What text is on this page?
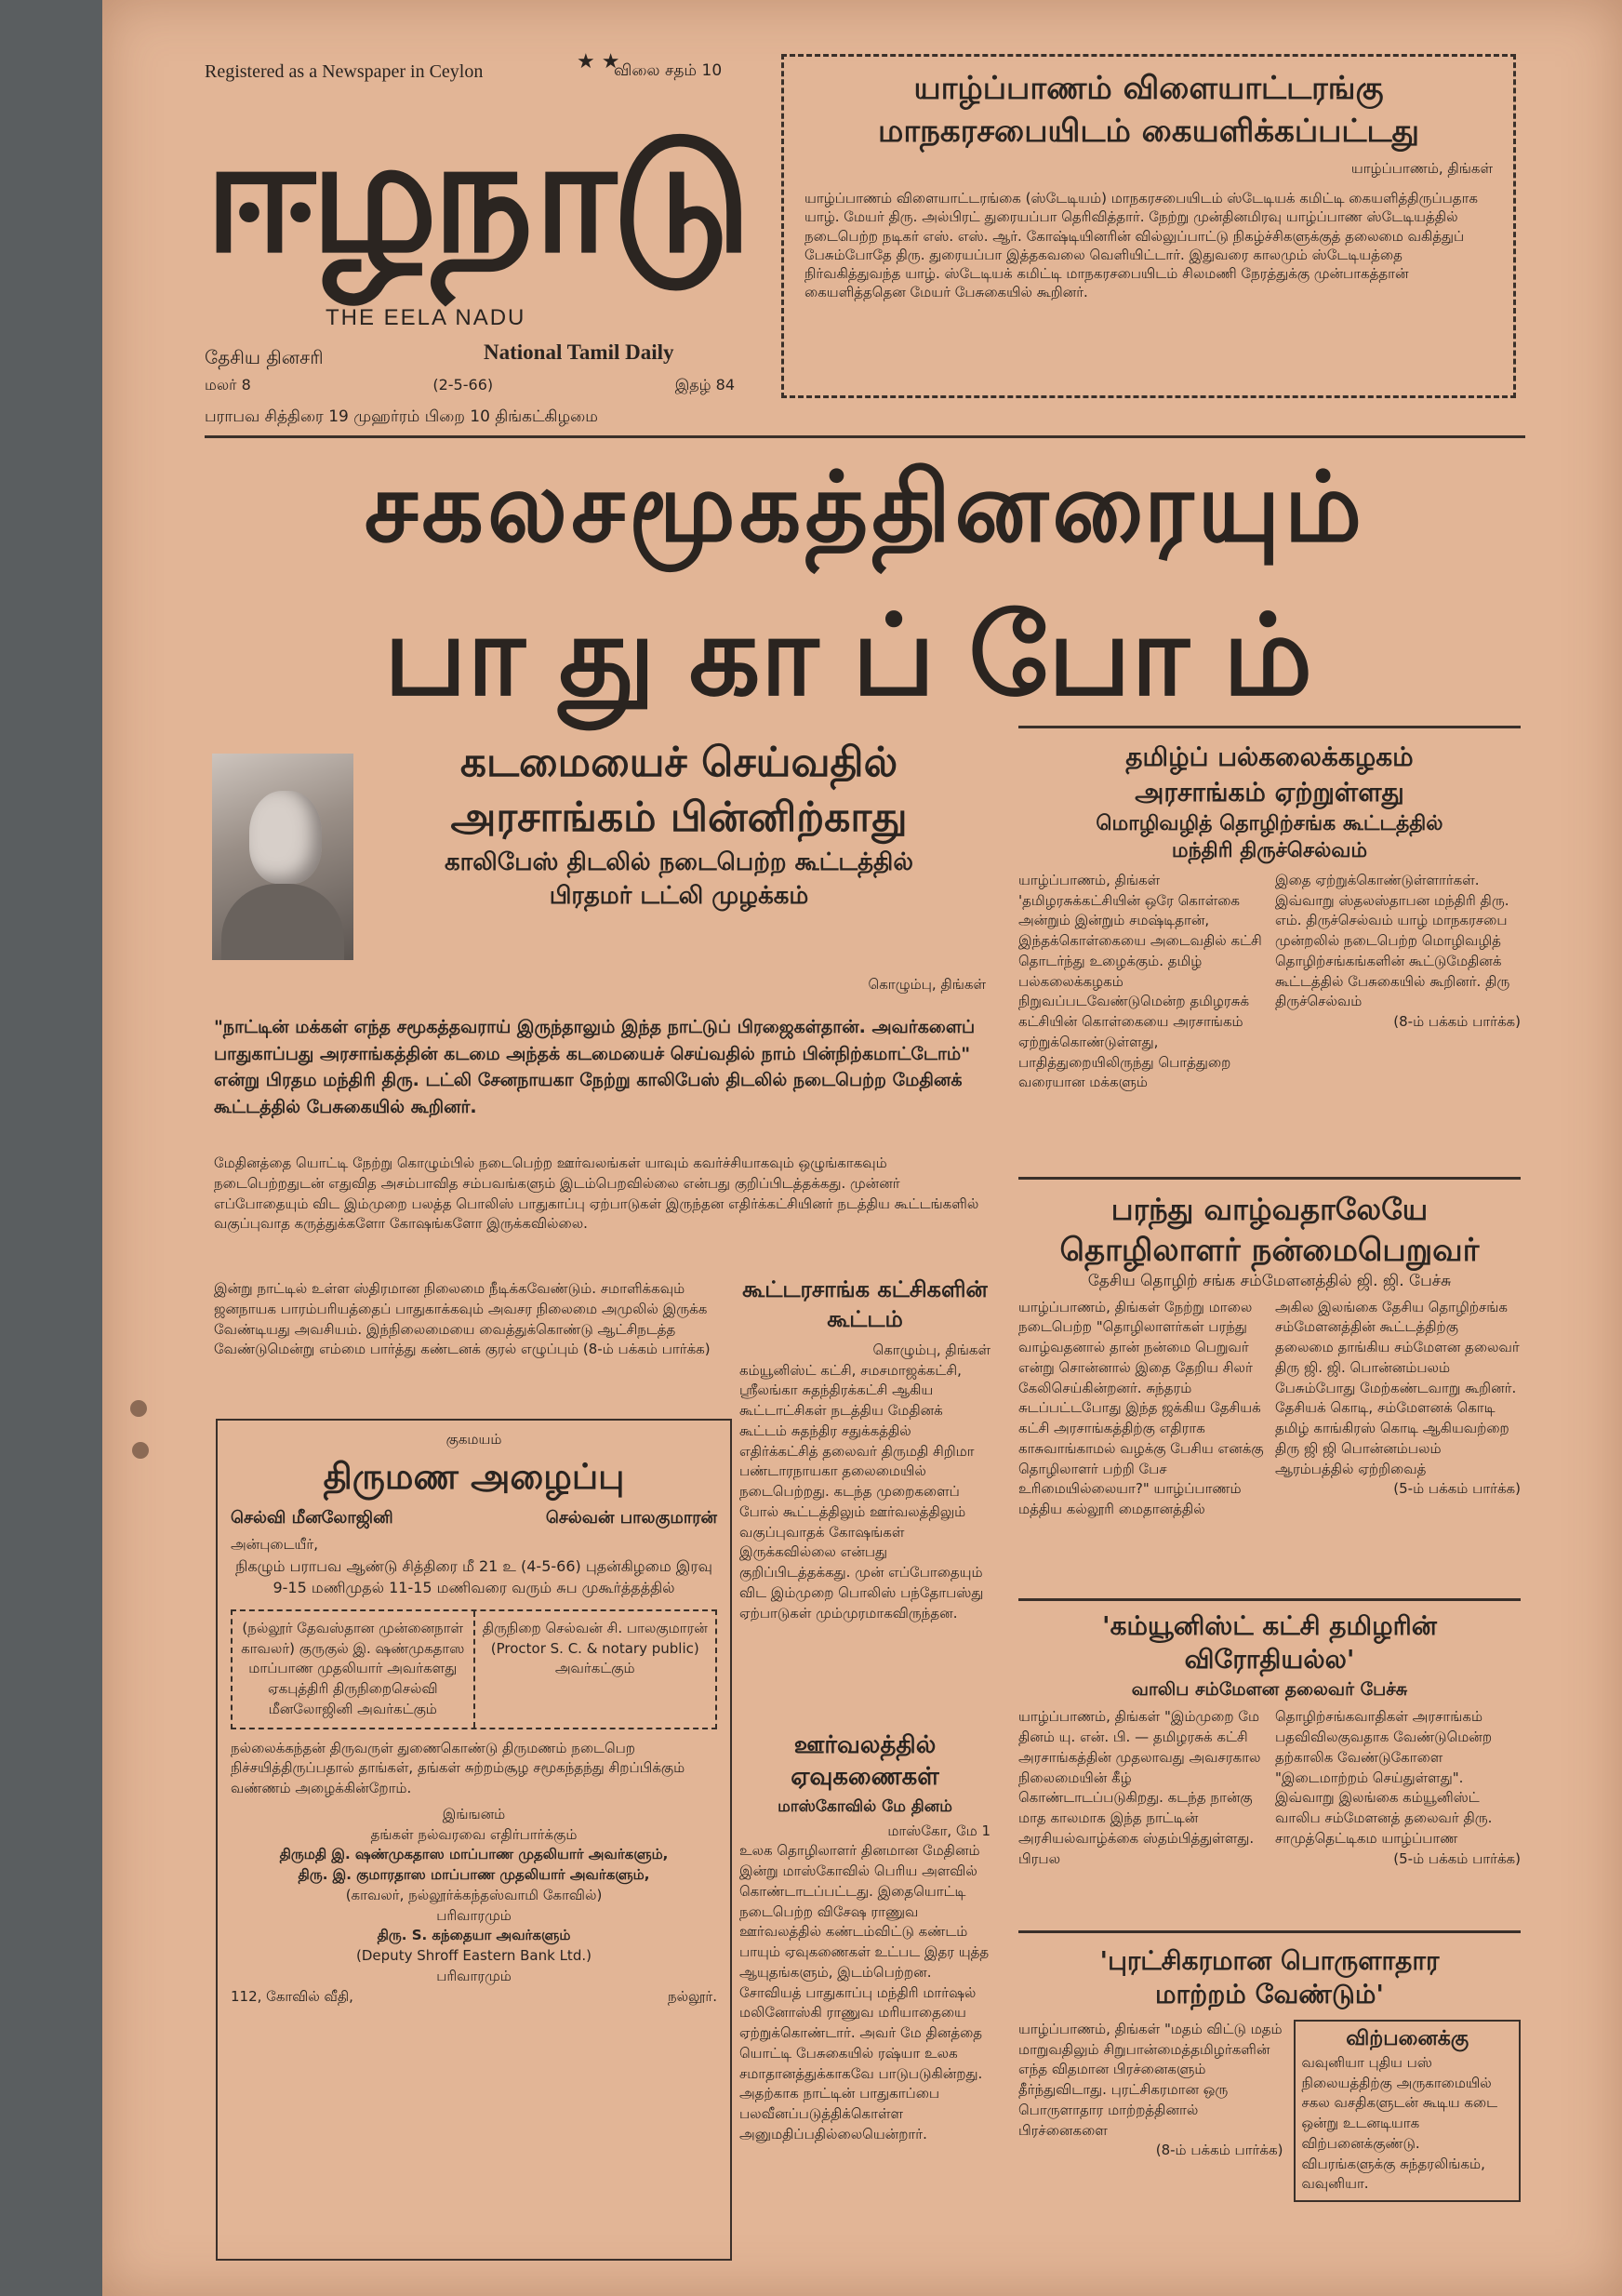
Registered as a Newspaper in Ceylon	★ ★
விலை சதம் 10
ஈழநாடு
THE EELA NADU
தேசிய தினசரி	National Tamil Daily
மலர் 8	(2-5-66)	இதழ் 84
பராபவ சித்திரை 19 முஹர்ரம் பிறை 10 திங்கட்கிழமை
யாழ்ப்பாணம் விளையாட்டரங்கு மாநகரசபையிடம் கையளிக்கப்பட்டது
யாழ்ப்பாணம், திங்கள்
யாழ்ப்பாணம் விளையாட்டரங்கை (ஸ்டேடியம்) மாநகரசபையிடம் ஸ்டேடியக் கமிட்டி கையளித்திருப்பதாக யாழ். மேயர் திரு. அல்பிரட் துரையப்பா தெரிவித்தார். நேற்று முன்தினமிரவு யாழ்ப்பாண ஸ்டேடியத்தில் நடைபெற்ற நடிகர் எஸ். எஸ். ஆர். கோஷ்டியினரின் வில்லுப்பாட்டு நிகழ்ச்சிகளுக்குத் தலைமை வகித்துப் பேசும்போதே திரு. துரையப்பா இத்தகவலை வெளியிட்டார். இதுவரை காலமும் ஸ்டேடியத்தை நிர்வகித்துவந்த யாழ். ஸ்டேடியக் கமிட்டி மாநகரசபையிடம் சிலமணி நேரத்துக்கு முன்பாகத்தான் கையளித்ததென மேயர் பேசுகையில் கூறினர்.
சகலசமூகத்தினரையும்
பாதுகாப்போம்
கடமையைச் செய்வதில்
அரசாங்கம் பின்னிற்காது
காலிபேஸ் திடலில் நடைபெற்ற கூட்டத்தில்
பிரதமர் டட்லி முழக்கம்
கொழும்பு, திங்கள்
"நாட்டின் மக்கள் எந்த சமூகத்தவராய் இருந்தாலும் இந்த நாட்டுப் பிரஜைகள்தான். அவர்களைப் பாதுகாப்பது அரசாங்கத்தின் கடமை அந்தக் கடமையைச் செய்வதில் நாம் பின்நிற்கமாட்டோம்" என்று பிரதம மந்திரி திரு. டட்லி சேனநாயகா நேற்று காலிபேஸ் திடலில் நடைபெற்ற மேதினக் கூட்டத்தில் பேசுகையில் கூறினர்.
மேதினத்தை யொட்டி நேற்று கொழும்பில் நடைபெற்ற ஊர்வலங்கள் யாவும் கவர்ச்சியாகவும் ஒழுங்காகவும் நடைபெற்றதுடன் எதுவித அசம்பாவித சம்பவங்களும் இடம்பெறவில்லை என்பது குறிப்பிடத்தக்கது. முன்னர் எப்போதையும் விட இம்முறை பலத்த பொலிஸ் பாதுகாப்பு ஏற்பாடுகள் இருந்தன எதிர்க்கட்சியினர் நடத்திய கூட்டங்களில் வகுப்புவாத கருத்துக்களோ கோஷங்களோ இருக்கவில்லை.
இன்று நாட்டில் உள்ள ஸ்திரமான நிலைமை நீடிக்கவேண்டும். சமாளிக்கவும் ஜனநாயக பாரம்பரியத்தைப் பாதுகாக்கவும் அவசர நிலைமை அமுலில் இருக்க வேண்டியது அவசியம். இந்நிலைமையை வைத்துக்கொண்டு ஆட்சிநடத்த வேண்டுமென்று எம்மை பார்த்து கண்டனக் குரல் எழுப்பும் (8-ம் பக்கம் பார்க்க)
கூட்டரசாங்க கட்சிகளின் கூட்டம்
கொழும்பு, திங்கள்
கம்யூனிஸ்ட் கட்சி, சமசமாஜக்கட்சி, ஸ்ரீலங்கா சுதந்திரக்கட்சி ஆகிய கூட்டாட்சிகள் நடத்திய மேதினக் கூட்டம் சுதந்திர சதுக்கத்தில் எதிர்க்கட்சித் தலைவர் திருமதி சிறிமா பண்டாரநாயகா தலைமையில் நடைபெற்றது. கடந்த முறைகளைப் போல் கூட்டத்திலும் ஊர்வலத்திலும் வகுப்புவாதக் கோஷங்கள் இருக்கவில்லை என்பது குறிப்பிடத்தக்கது. முன் எப்போதையும் விட இம்முறை பொலிஸ் பந்தோபஸ்து ஏற்பாடுகள் மும்முரமாகவிருந்தன.
ஊர்வலத்தில் ஏவுகணைகள்
மாஸ்கோவில் மே தினம்
மாஸ்கோ, மே 1
உலக தொழிலாளர் தினமான மேதினம் இன்று மாஸ்கோவில் பெரிய அளவில் கொண்டாடப்பட்டது. இதையொட்டி நடைபெற்ற விசேஷ ராணுவ ஊர்வலத்தில் கண்டம்விட்டு கண்டம் பாயும் ஏவுகணைகள் உட்பட இதர யுத்த ஆயுதங்களும், இடம்பெற்றன. சோவியத் பாதுகாப்பு மந்திரி மார்ஷல் மலினோஸ்கி ராணுவ மரியாதையை ஏற்றுக்கொண்டார். அவர் மே தினத்தை யொட்டி பேசுகையில் ரஷ்யா உலக சமாதானத்துக்காகவே பாடுபடுகின்றது. அதற்காக நாட்டின் பாதுகாப்பை பலவீனப்படுத்திக்கொள்ள அனுமதிப்பதில்லையென்றார்.
குகமயம்
திருமண அழைப்பு
செல்வி மீனலோஜினி	செல்வன் பாலகுமாரன்
அன்புடையீர்,
நிகழும் பராபவ ஆண்டு சித்திரை மீ 21 உ (4-5-66) புதன்கிழமை இரவு 9-15 மணிமுதல் 11-15 மணிவரை வரும் சுப முகூர்த்தத்தில்
(நல்லூர் தேவஸ்தான முன்னைநாள் காவலர்) குருகுல் இ. ஷண்முகதாஸ மாப்பாண முதலியார் அவர்களது ஏகபுத்திரி திருநிறைசெல்வி மீனலோஜினி அவர்கட்கும்
திருநிறை செல்வன் சி. பாலகுமாரன் (Proctor S. C. & notary public) அவர்கட்கும்
நல்லைக்கந்தன் திருவருள் துணைகொண்டு திருமணம் நடைபெற நிச்சயித்திருப்பதால் தாங்கள், தங்கள் சுற்றம்சூழ சமூகந்தந்து சிறப்பிக்கும் வண்ணம் அழைக்கின்றோம்.
இங்ஙனம்
தங்கள் நல்வரவை எதிர்பார்க்கும்
திருமதி இ. ஷண்முகதாஸ மாப்பாண முதலியார் அவர்களும்,
திரு. இ. குமாரதாஸ மாப்பாண முதலியார் அவர்களும்,
(காவலர், நல்லூர்க்கந்தஸ்வாமி கோவில்)
பரிவாரமும்
திரு. S. கந்தையா அவர்களும்
(Deputy Shroff Eastern Bank Ltd.)
பரிவாரமும்
112, கோவில் வீதி,	நல்லூர்.
தமிழ்ப் பல்கலைக்கழகம்
அரசாங்கம் ஏற்றுள்ளது
மொழிவழித் தொழிற்சங்க கூட்டத்தில்
மந்திரி திருச்செல்வம்
யாழ்ப்பாணம், திங்கள் 'தமிழரசுக்கட்சியின் ஒரே கொள்கை அன்றும் இன்றும் சமஷ்டிதான், இந்தக்கொள்கையை அடைவதில் கட்சி தொடர்ந்து உழைக்கும். தமிழ் பல்கலைக்கழகம் நிறுவப்படவேண்டுமென்ற தமிழரசுக் கட்சியின் கொள்கையை அரசாங்கம் ஏற்றுக்கொண்டுள்ளது, பாதித்துறையிலிருந்து பொத்துறை வரையான மக்களும்
இதை ஏற்றுக்கொண்டுள்ளார்கள். இவ்வாறு ஸ்தலஸ்தாபன மந்திரி திரு. எம். திருச்செல்வம் யாழ் மாநகரசபை முன்றலில் நடைபெற்ற மொழிவழித் தொழிற்சங்கங்களின் கூட்டுமேதினக் கூட்டத்தில் பேசுகையில் கூறினர். திரு திருச்செல்வம்
(8-ம் பக்கம் பார்க்க)
பரந்து வாழ்வதாலேயே
தொழிலாளர் நன்மைபெறுவர்
தேசிய தொழிற் சங்க சம்மேளனத்தில் ஜி. ஜி. பேச்சு
யாழ்ப்பாணம், திங்கள் நேற்று மாலை நடைபெற்ற "தொழிலாளர்கள் பரந்து வாழ்வதனால் தான் நன்மை பெறுவர் என்று சொன்னால் இதை தேறிய சிலர் கேலிசெய்கின்றனர். சுந்தரம் சுடப்பட்டபோது இந்த ஜக்கிய தேசியக் கட்சி அரசாங்கத்திற்கு எதிராக காசுவாங்காமல் வழக்கு பேசிய எனக்கு தொழிலாளர் பற்றி பேச உரிமையில்லையா?" யாழ்ப்பாணம் மத்திய கல்லூரி மைதானத்தில்
அகில இலங்கை தேசிய தொழிற்சங்க சம்மேளனத்தின் கூட்டத்திற்கு தலைமை தாங்கிய சம்மேளன தலைவர் திரு ஜி. ஜி. பொன்னம்பலம் பேசும்போது மேற்கண்டவாறு கூறினர். தேசியக் கொடி, சம்மேளனக் கொடி தமிழ் காங்கிரஸ் கொடி ஆகியவற்றை திரு ஜி ஜி பொன்னம்பலம் ஆரம்பத்தில் ஏற்றிவைத்
(5-ம் பக்கம் பார்க்க)
'கம்யூனிஸ்ட் கட்சி தமிழரின்
விரோதியல்ல'
வாலிப சம்மேளன தலைவர் பேச்சு
யாழ்ப்பாணம், திங்கள் "இம்முறை மே தினம் யு. என். பி. — தமிழரசுக் கட்சி அரசாங்கத்தின் முதலாவது அவசரகால நிலைமையின் கீழ் கொண்டாடப்படுகிறது. கடந்த நான்கு மாத காலமாக இந்த நாட்டின் அரசியல்வாழ்க்கை ஸ்தம்பித்துள்ளது. பிரபல
தொழிற்சங்கவாதிகள் அரசாங்கம் பதவிவிலகுவதாக வேண்டுமென்ற தற்காலிக வேண்டுகோளை "இடைமாற்றம் செய்துள்ளது". இவ்வாறு இலங்கை கம்யூனிஸ்ட் வாலிப சம்மேளனத் தலைவர் திரு. சாமுத்தெட்டிகம யாழ்ப்பாண
(5-ம் பக்கம் பார்க்க)
'புரட்சிகரமான பொருளாதார
மாற்றம் வேண்டும்'
யாழ்ப்பாணம், திங்கள் "மதம் விட்டு மதம் மாறுவதிலும் சிறுபான்மைத்தமிழர்களின் எந்த விதமான பிரச்னைகளும் தீர்ந்துவிடாது. புரட்சிகரமான ஒரு பொருளாதார மாற்றத்தினால் பிரச்னைகளை
(8-ம் பக்கம் பார்க்க)
விற்பனைக்கு
வவுனியா புதிய பஸ் நிலையத்திற்கு அருகாமையில் சகல வசதிகளுடன் கூடிய கடை ஒன்று உடனடியாக விற்பனைக்குண்டு. விபரங்களுக்கு சுந்தரலிங்கம், வவுனியா.
